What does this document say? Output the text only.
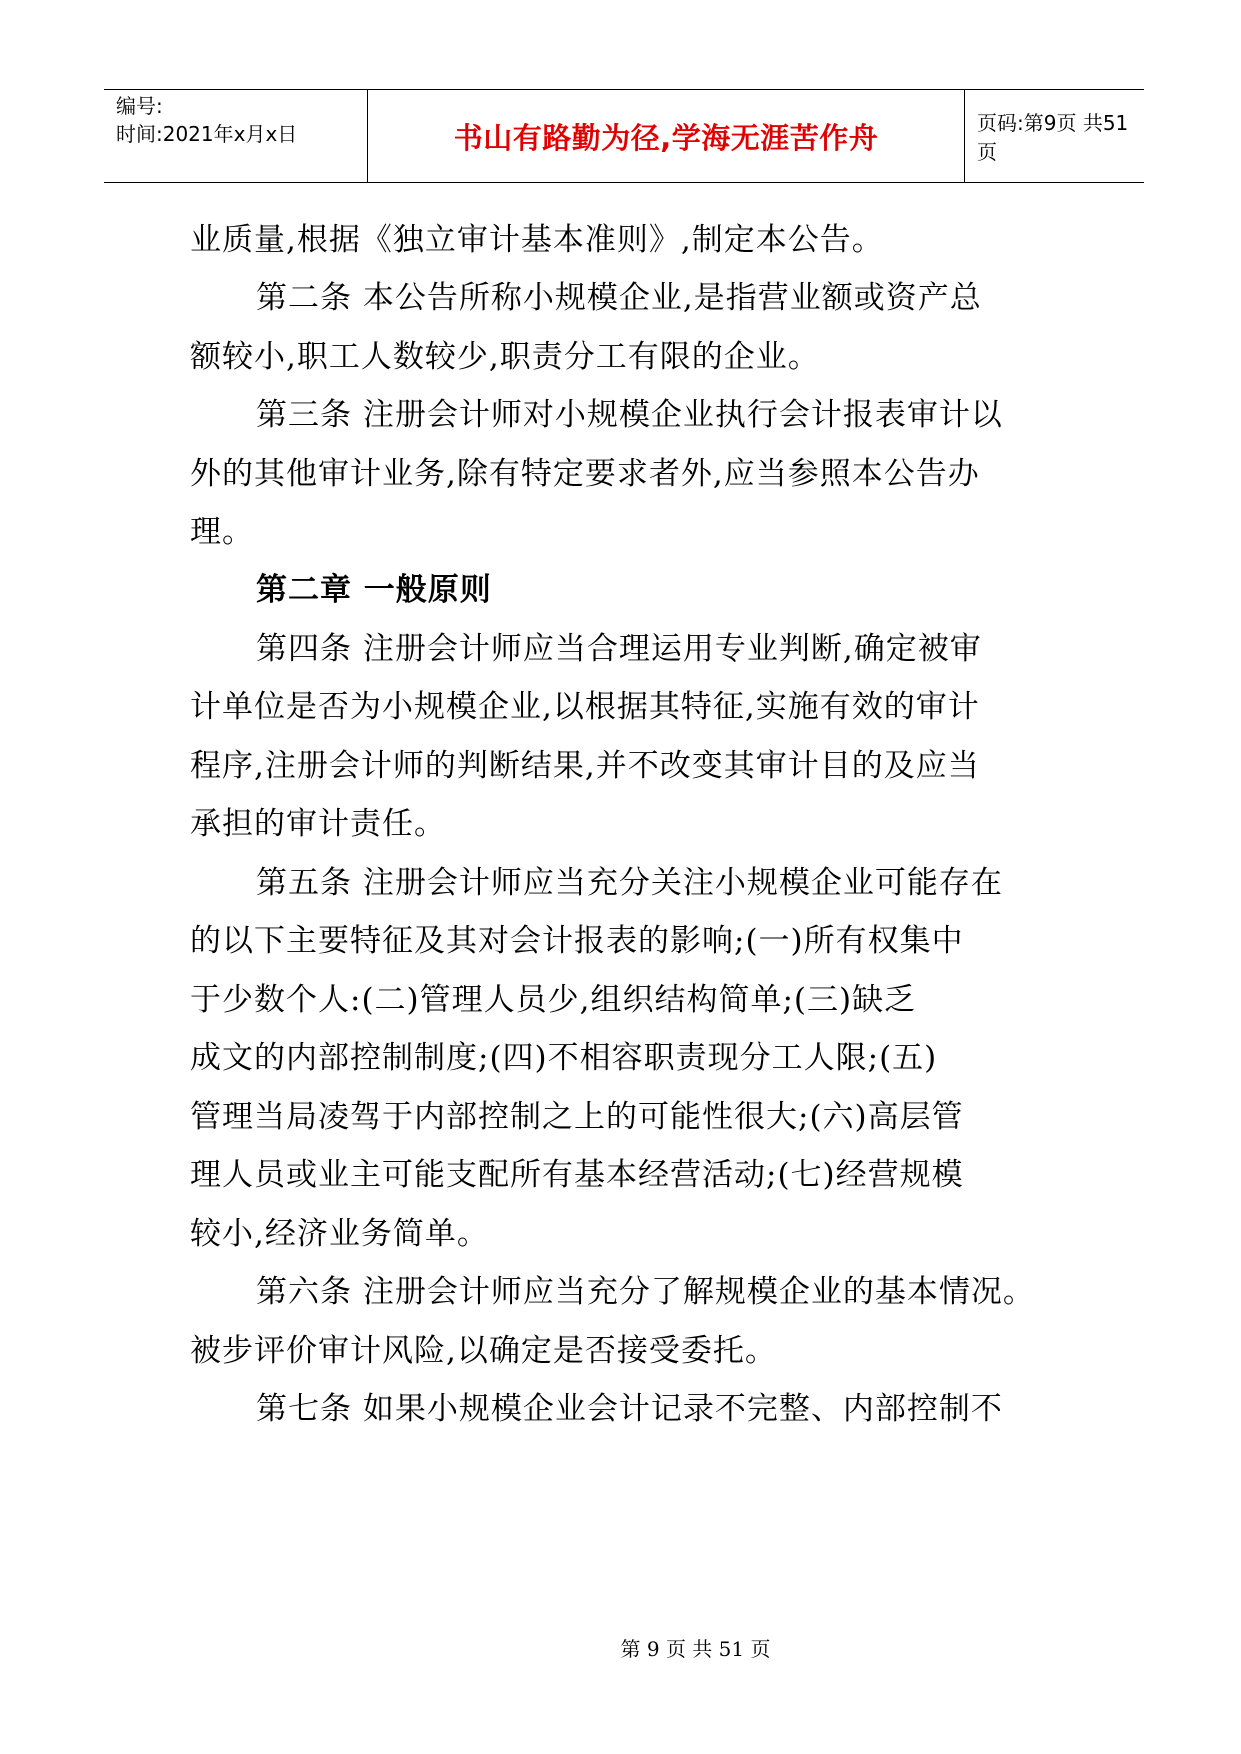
编号:
时间:2021年x月x日	书山有路勤为径,学海无涯苦作舟	页码:第9页 共51页
业质量,根据《独立审计基本准则》,制定本公告。
第二条 本公告所称小规模企业,是指营业额或资产总
额较小,职工人数较少,职责分工有限的企业。
第三条 注册会计师对小规模企业执行会计报表审计以
外的其他审计业务,除有特定要求者外,应当参照本公告办
理。
第二章 一般原则
第四条 注册会计师应当合理运用专业判断,确定被审
计单位是否为小规模企业,以根据其特征,实施有效的审计
程序,注册会计师的判断结果,并不改变其审计目的及应当
承担的审计责任。
第五条 注册会计师应当充分关注小规模企业可能存在
的以下主要特征及其对会计报表的影响;(一)所有权集中
于少数个人:(二)管理人员少,组织结构简单;(三)缺乏
成文的内部控制制度;(四)不相容职责现分工人限;(五)
管理当局凌驾于内部控制之上的可能性很大;(六)高层管
理人员或业主可能支配所有基本经营活动;(七)经营规模
较小,经济业务简单。
第六条 注册会计师应当充分了解规模企业的基本情况。
被步评价审计风险,以确定是否接受委托。
第七条 如果小规模企业会计记录不完整、内部控制不
第 9 页 共 51 页
